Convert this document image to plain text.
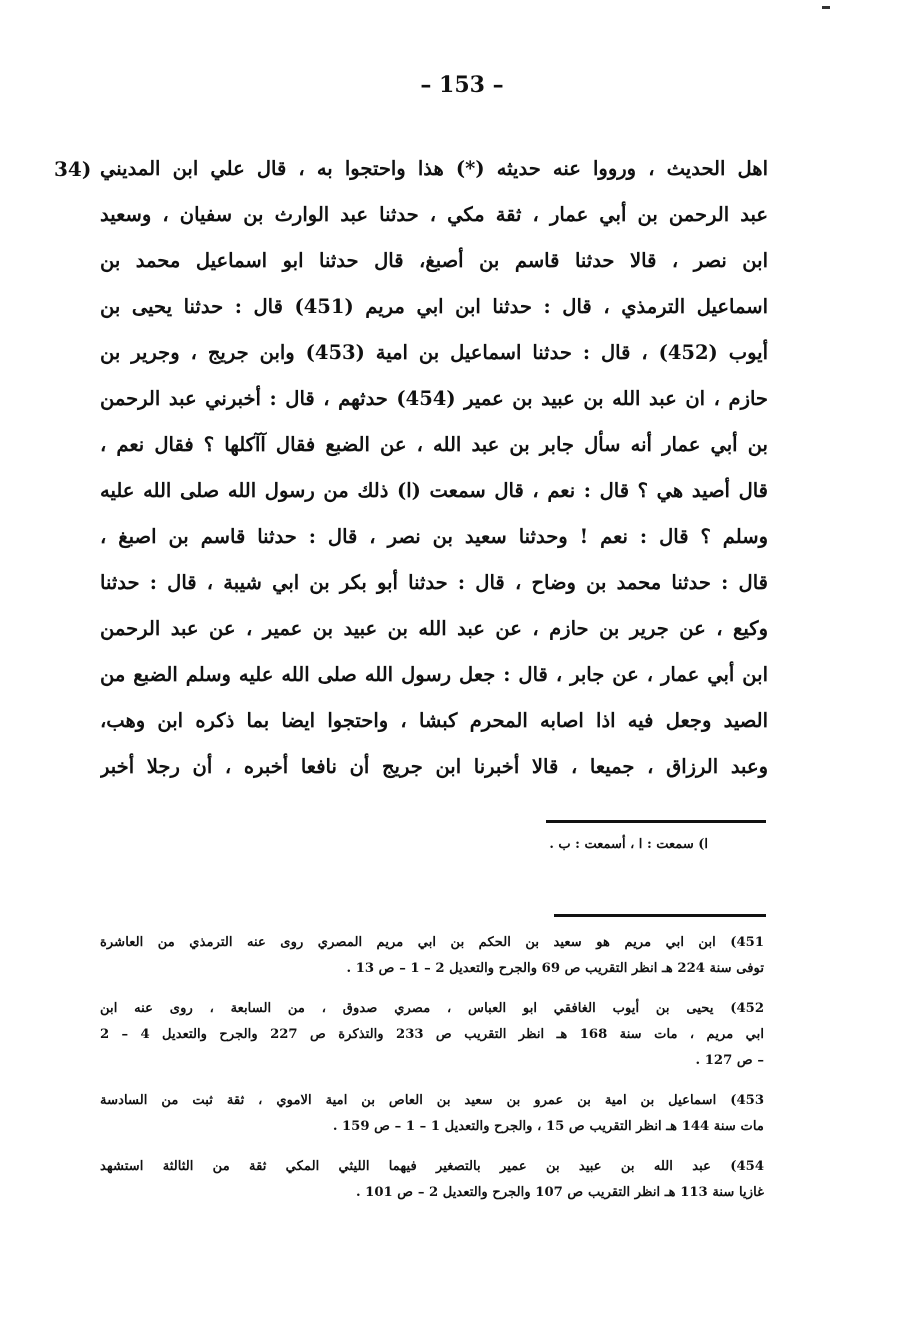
– 153 –
34) اهل الحديث ، ورووا عنه حديثه (*) هذا واحتجوا به ، قال علي ابن المديني
عبد الرحمن بن أبي عمار ، ثقة مكي ، حدثنا عبد الوارث بن سفيان ، وسعيد
ابن نصر ، قالا حدثنا قاسم بن أصبغ، قال حدثنا ابو اسماعيل محمد بن
اسماعيل الترمذي ، قال : حدثنا ابن ابي مريم (451) قال : حدثنا يحيى بن
أيوب (452) ، قال : حدثنا اسماعيل بن امية (453) وابن جريج ، وجرير بن
حازم ، ان عبد الله بن عبيد بن عمير (454) حدثهم ، قال : أخبرني عبد الرحمن
بن أبي عمار أنه سأل جابر بن عبد الله ، عن الضبع فقال آآكلها ؟ فقال نعم ،
قال أصيد هي ؟ قال : نعم ، قال سمعت (ا) ذلك من رسول الله صلى الله عليه
وسلم ؟ قال : نعم ! وحدثنا سعيد بن نصر ، قال : حدثنا قاسم بن اصبغ ،
قال : حدثنا محمد بن وضاح ، قال : حدثنا أبو بكر بن ابي شيبة ، قال : حدثنا
وكيع ، عن جرير بن حازم ، عن عبد الله بن عبيد بن عمير ، عن عبد الرحمن
ابن أبي عمار ، عن جابر ، قال : جعل رسول الله صلى الله عليه وسلم الضبع من
الصيد وجعل فيه اذا اصابه المحرم كبشا ، واحتجوا ايضا بما ذكره ابن وهب،
وعبد الرزاق ، جميعا ، قالا أخبرنا ابن جريج أن نافعا أخبره ، أن رجلا أخبر
ا) سمعت : ا ، أسمعت : ب .
451) ابن ابي مريم هو سعيد بن الحكم بن ابي مريم المصري روى عنه الترمذي من العاشرة
توفى سنة 224 هـ انظر التقريب ص 69 والجرح والتعديل 2 – 1 – ص 13 .
452) يحيى بن أيوب الغافقي ابو العباس ، مصري صدوق ، من السابعة ، روى عنه ابن
ابي مريم ، مات سنة 168 هـ انظر التقريب ص 233 والتذكرة ص 227 والجرح والتعديل 4 – 2
– ص 127 .
453) اسماعيل بن امية بن عمرو بن سعيد بن العاص بن امية الاموي ، ثقة ثبت من السادسة
مات سنة 144 هـ انظر التقريب ص 15 ، والجرح والتعديل 1 – 1 – ص 159 .
454) عبد الله بن عبيد بن عمير بالتصغير فيهما الليثي المكي ثقة من الثالثة استشهد
غازيا سنة 113 هـ انظر التقريب ص 107 والجرح والتعديل 2 – ص 101 .
